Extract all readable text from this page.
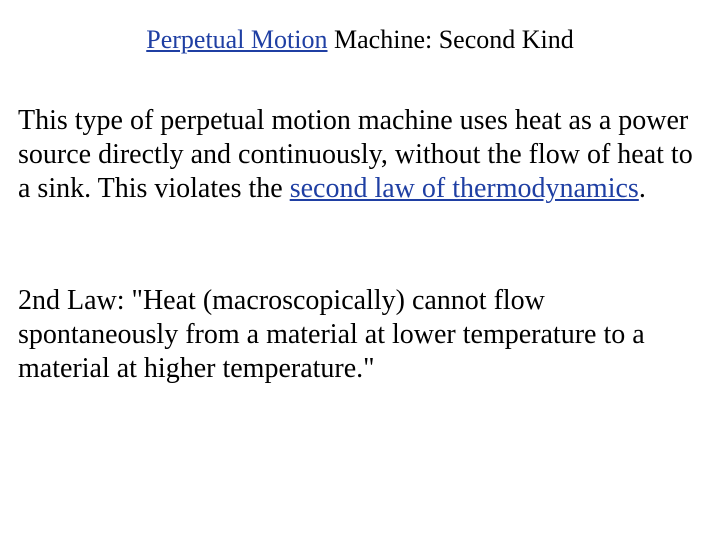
Perpetual Motion Machine: Second Kind
This type of perpetual motion machine uses heat as a power source directly and continuously, without the flow of heat to a sink. This violates the second law of thermodynamics.
2nd Law: "Heat (macroscopically) cannot flow spontaneously from a material at lower temperature to a material at higher temperature."
